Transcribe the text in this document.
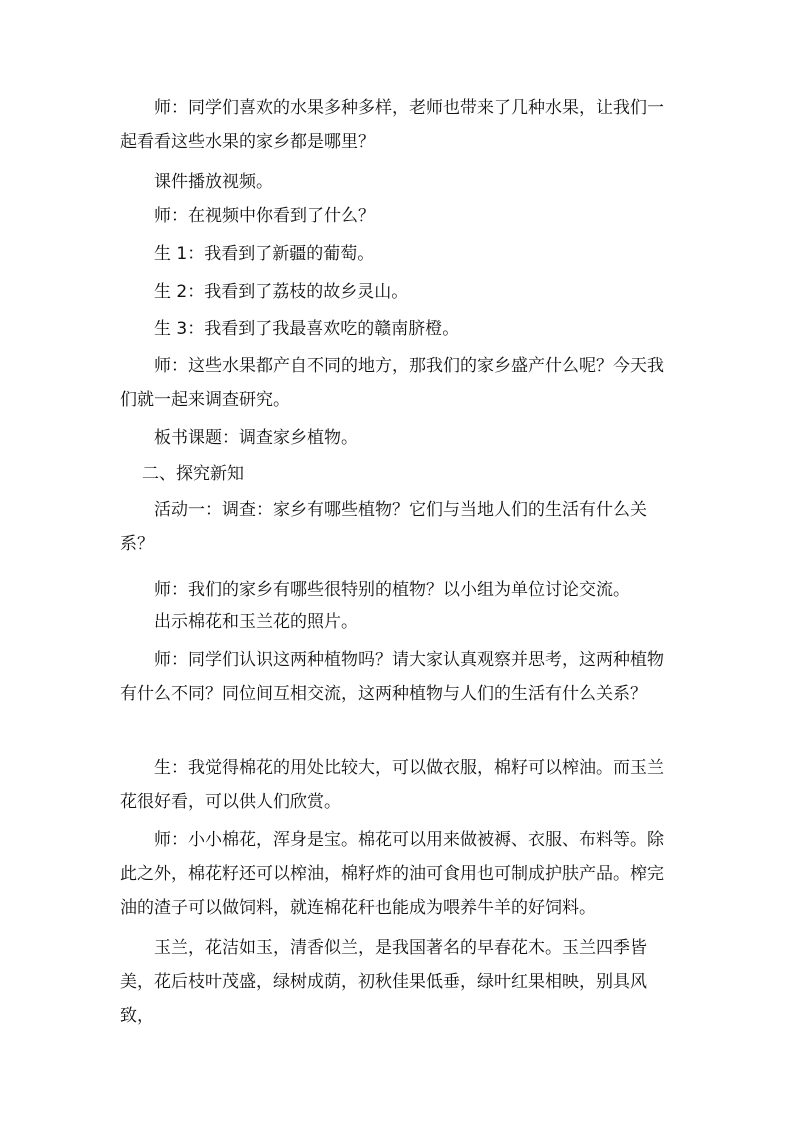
师：同学们喜欢的水果多种多样，老师也带来了几种水果，让我们一起看看这些水果的家乡都是哪里？

课件播放视频。

师：在视频中你看到了什么？

生 1：我看到了新疆的葡萄。

生 2：我看到了荔枝的故乡灵山。

生 3：我看到了我最喜欢吃的赣南脐橙。

师：这些水果都产自不同的地方，那我们的家乡盛产什么呢？今天我们就一起来调查研究。

板书课题：调查家乡植物。

二、探究新知

活动一：调查：家乡有哪些植物？它们与当地人们的生活有什么关系？

师：我们的家乡有哪些很特别的植物？以小组为单位讨论交流。

出示棉花和玉兰花的照片。

师：同学们认识这两种植物吗？请大家认真观察并思考，这两种植物有什么不同？同位间互相交流，这两种植物与人们的生活有什么关系？

生：我觉得棉花的用处比较大，可以做衣服，棉籽可以榨油。而玉兰花很好看，可以供人们欣赏。

师：小小棉花，浑身是宝。棉花可以用来做被褥、衣服、布料等。除此之外，棉花籽还可以榨油，棉籽炸的油可食用也可制成护肤产品。榨完油的渣子可以做饲料，就连棉花秆也能成为喂养牛羊的好饲料。

玉兰，花洁如玉，清香似兰，是我国著名的早春花木。玉兰四季皆美，花后枝叶茂盛，绿树成荫，初秋佳果低垂，绿叶红果相映，别具风致，
